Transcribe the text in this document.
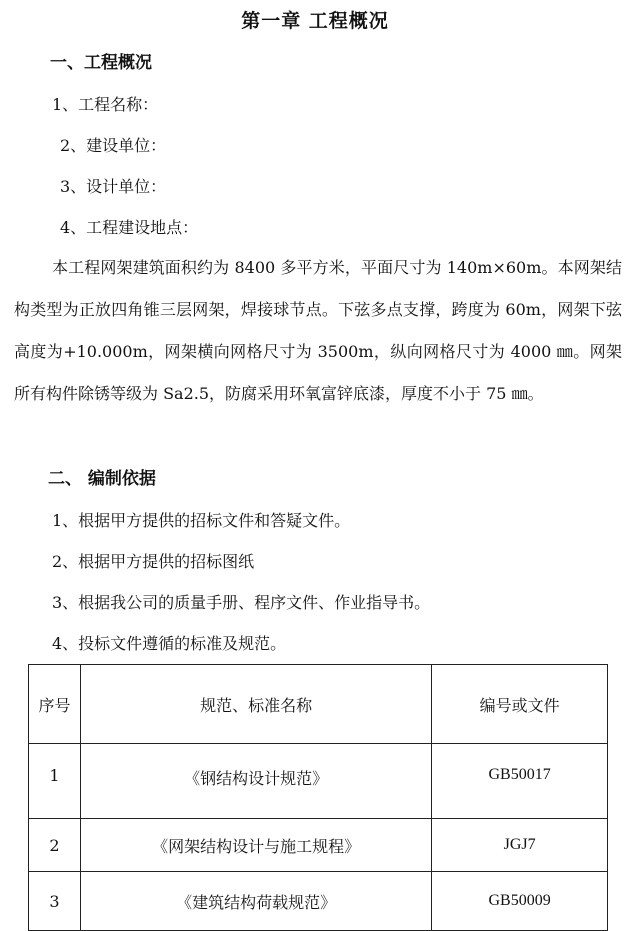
第一章 工程概况
一、工程概况
1、工程名称：
2、建设单位：
3、设计单位：
4、工程建设地点：
本工程网架建筑面积约为 8400 多平方米，平面尺寸为 140m×60m。本网架结构类型为正放四角锥三层网架，焊接球节点。下弦多点支撑，跨度为 60m，网架下弦高度为+10.000m，网架横向网格尺寸为 3500m，纵向网格尺寸为 4000 ㎜。网架所有构件除锈等级为 Sa2.5，防腐采用环氧富锌底漆，厚度不小于 75 ㎜。
二、 编制依据
1、根据甲方提供的招标文件和答疑文件。
2、根据甲方提供的招标图纸
3、根据我公司的质量手册、程序文件、作业指导书。
4、投标文件遵循的标准及规范。
序号	规范、标准名称	编号或文件
1	《钢结构设计规范》	GB50017
2	《网架结构设计与施工规程》	JGJ7
3	《建筑结构荷载规范》	GB50009
